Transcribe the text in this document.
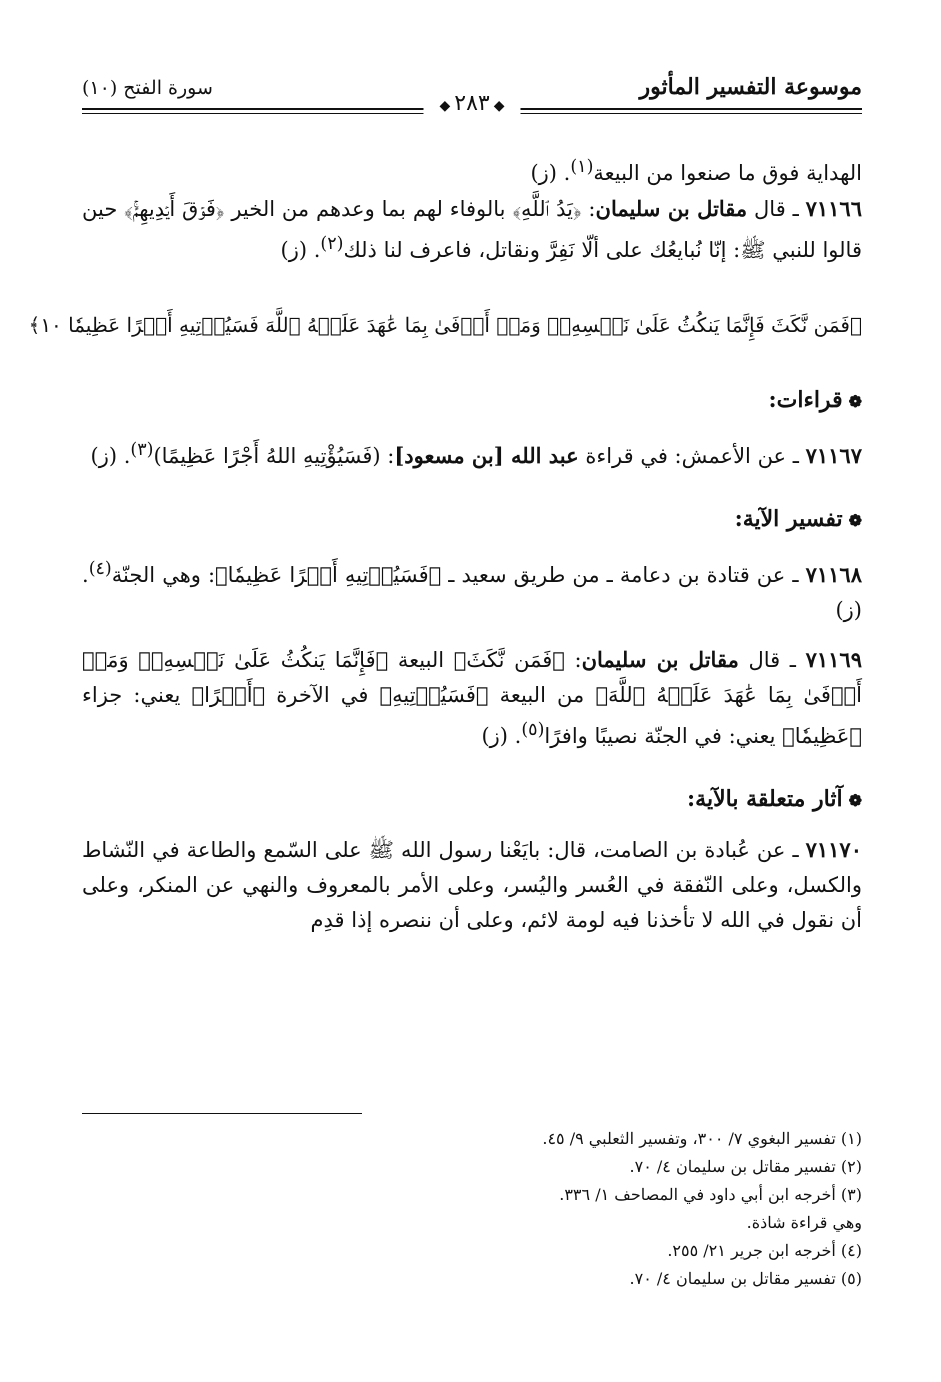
موسوعة التفسير المأثور
سورة الفتح (١٠)
◆٢٨٣◆

الهداية فوق ما صنعوا من البيعة$^{(١)}$. (ز)

٧١١٦٦ ـ قال مقاتل بن سليمان: ﴿يَدُ ٱللَّهِ﴾ بالوفاء لهم بما وعدهم من الخير ﴿فَوۡقَ أَيۡدِيهِمۡۚ﴾ حين قالوا للنبي ﷺ: إنّا نُبايعُك على ألّا نَفِرَّ ونقاتل، فاعرف لنا ذلك$^{(٢)}$. (ز)

﴿فَمَن نَّكَثَ فَإِنَّمَا يَنكُثُ عَلَىٰ نَفۡسِهِۦۖ وَمَنۡ أَوۡفَىٰ بِمَا عَٰهَدَ عَلَيۡهُ ٱللَّهَ فَسَيُؤۡتِيهِ أَجۡرًا عَظِيمٗا ١٠﴾

❁قراءات:

٧١١٦٧ ـ عن الأعمش: في قراءة عبد الله [بن مسعود]: (فَسَيُؤْتِيهِ اللهُ أَجْرًا عَظِيمًا)$^{(٣)}$. (ز)

❁تفسير الآية:

٧١١٦٨ ـ عن قتادة بن دعامة ـ من طريق سعيد ـ ﴿فَسَيُؤۡتِيهِ أَجۡرًا عَظِيمٗا﴾: وهي الجنّة$^{(٤)}$. (ز)

٧١١٦٩ ـ قال مقاتل بن سليمان: ﴿فَمَن نَّكَثَ﴾ البيعة ﴿فَإِنَّمَا يَنكُثُ عَلَىٰ نَفۡسِهِۦۖ وَمَنۡ أَوۡفَىٰ بِمَا عَٰهَدَ عَلَيۡهُ ٱللَّهَ﴾ من البيعة ﴿فَسَيُؤۡتِيهِ﴾ في الآخرة ﴿أَجۡرًا﴾ يعني: جزاء ﴿عَظِيمٗا﴾ يعني: في الجنّة نصيبًا وافرًا$^{(٥)}$. (ز)

❁آثار متعلقة بالآية:

٧١١٧٠ ـ عن عُبادة بن الصامت، قال: بايَعْنا رسول الله ﷺ على السّمع والطاعة في النّشاط والكسل، وعلى النّفقة في العُسر واليُسر، وعلى الأمر بالمعروف والنهي عن المنكر، وعلى أن نقول في الله لا تأخذنا فيه لومة لائم، وعلى أن ننصره إذا قدِم

(١) تفسير البغوي ٧/ ٣٠٠، وتفسير الثعلبي ٩/ ٤٥.
(٢) تفسير مقاتل بن سليمان ٤/ ٧٠.
(٣) أخرجه ابن أبي داود في المصاحف ١/ ٣٣٦.
وهي قراءة شاذة.
(٤) أخرجه ابن جرير ٢١/ ٢٥٥.
(٥) تفسير مقاتل بن سليمان ٤/ ٧٠.
